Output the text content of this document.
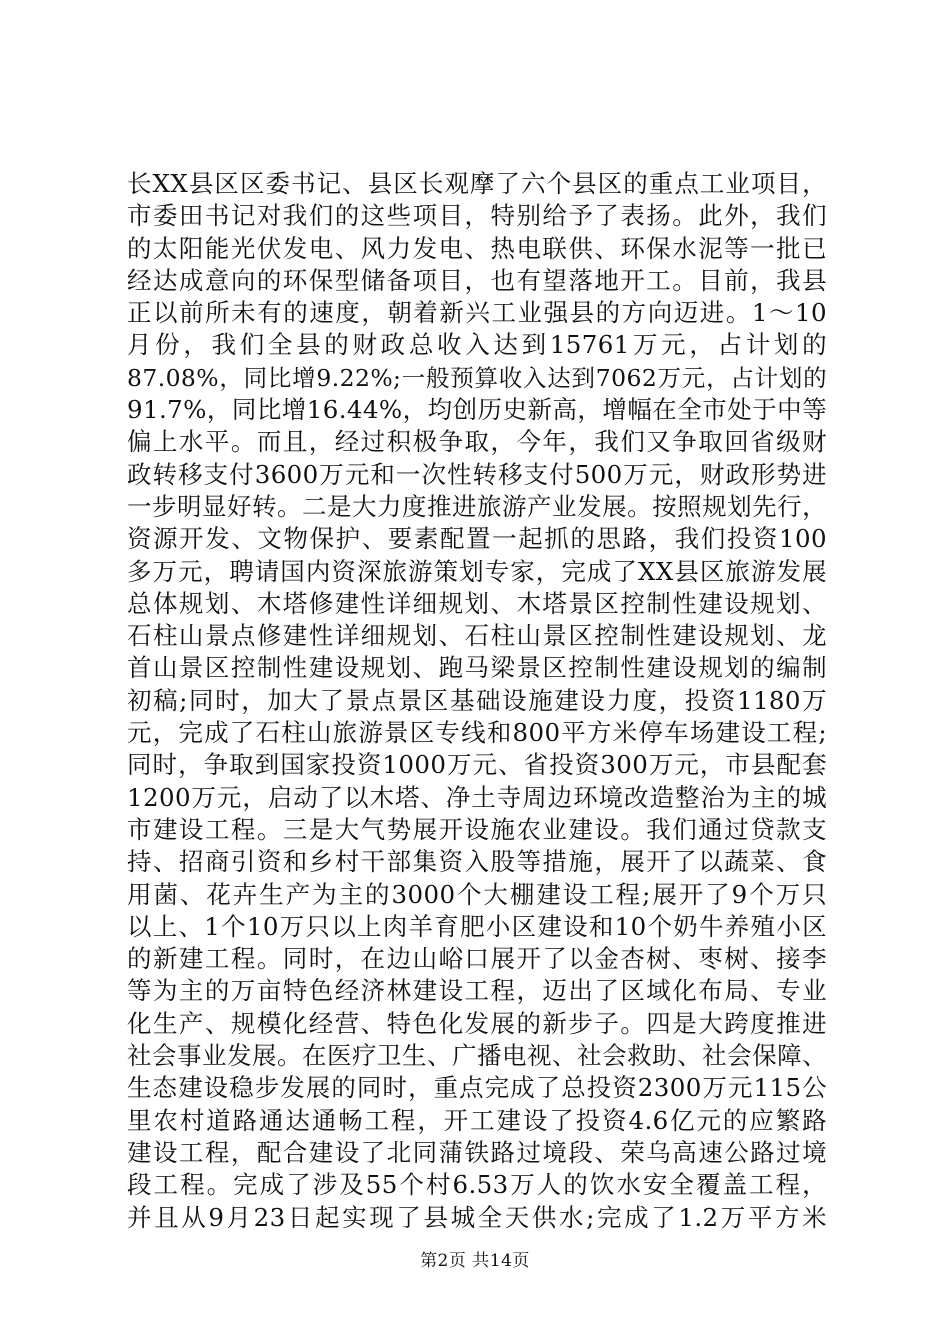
长XX县区区委书记、县区长观摩了六个县区的重点工业项目，
市委田书记对我们的这些项目，特别给予了表扬。此外，我们
的太阳能光伏发电、风力发电、热电联供、环保水泥等一批已
经达成意向的环保型储备项目，也有望落地开工。目前，我县
正以前所未有的速度，朝着新兴工业强县的方向迈进。1～10
月份，我们全县的财政总收入达到15761万元，占计划的
87.08%，同比增9.22%;一般预算收入达到7062万元，占计划的
91.7%，同比增16.44%，均创历史新高，增幅在全市处于中等
偏上水平。而且，经过积极争取，今年，我们又争取回省级财
政转移支付3600万元和一次性转移支付500万元，财政形势进
一步明显好转。二是大力度推进旅游产业发展。按照规划先行，
资源开发、文物保护、要素配置一起抓的思路，我们投资100
多万元，聘请国内资深旅游策划专家，完成了XX县区旅游发展
总体规划、木塔修建性详细规划、木塔景区控制性建设规划、
石柱山景点修建性详细规划、石柱山景区控制性建设规划、龙
首山景区控制性建设规划、跑马梁景区控制性建设规划的编制
初稿;同时，加大了景点景区基础设施建设力度，投资1180万
元，完成了石柱山旅游景区专线和800平方米停车场建设工程;
同时，争取到国家投资1000万元、省投资300万元，市县配套
1200万元，启动了以木塔、净土寺周边环境改造整治为主的城
市建设工程。三是大气势展开设施农业建设。我们通过贷款支
持、招商引资和乡村干部集资入股等措施，展开了以蔬菜、食
用菌、花卉生产为主的3000个大棚建设工程;展开了9个万只
以上、1个10万只以上肉羊育肥小区建设和10个奶牛养殖小区
的新建工程。同时，在边山峪口展开了以金杏树、枣树、接李
等为主的万亩特色经济林建设工程，迈出了区域化布局、专业
化生产、规模化经营、特色化发展的新步子。四是大跨度推进
社会事业发展。在医疗卫生、广播电视、社会救助、社会保障、
生态建设稳步发展的同时，重点完成了总投资2300万元115公
里农村道路通达通畅工程，开工建设了投资4.6亿元的应繁路
建设工程，配合建设了北同蒲铁路过境段、荣乌高速公路过境
段工程。完成了涉及55个村6.53万人的饮水安全覆盖工程，
并且从9月23日起实现了县城全天供水;完成了1.2万平方米
第2页 共14页
